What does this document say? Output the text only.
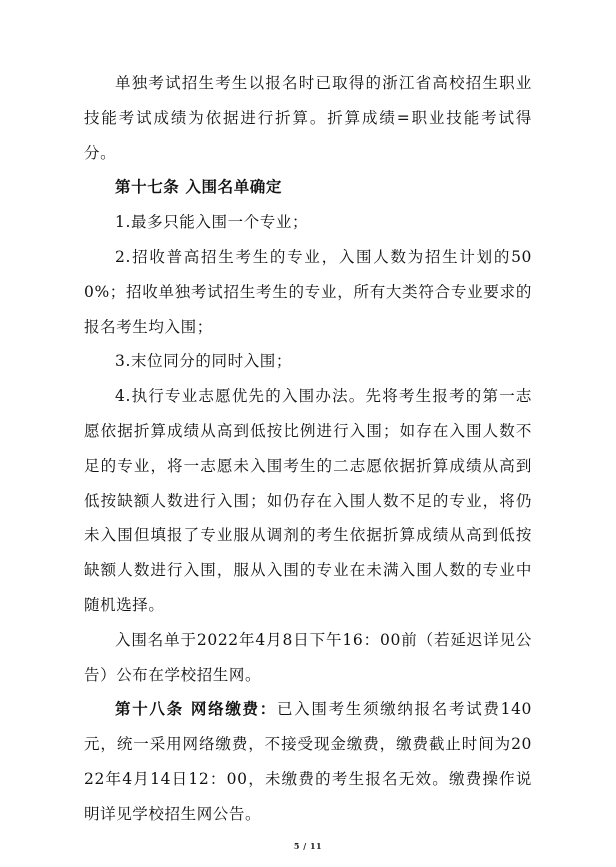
单独考试招生考生以报名时已取得的浙江省高校招生职业技能考试成绩为依据进行折算。折算成绩=职业技能考试得分。

第十七条 入围名单确定

1.最多只能入围一个专业；

2.招收普高招生考生的专业，入围人数为招生计划的500%；招收单独考试招生考生的专业，所有大类符合专业要求的报名考生均入围；

3.末位同分的同时入围；

4.执行专业志愿优先的入围办法。先将考生报考的第一志愿依据折算成绩从高到低按比例进行入围；如存在入围人数不足的专业，将一志愿未入围考生的二志愿依据折算成绩从高到低按缺额人数进行入围；如仍存在入围人数不足的专业，将仍未入围但填报了专业服从调剂的考生依据折算成绩从高到低按缺额人数进行入围，服从入围的专业在未满入围人数的专业中随机选择。

入围名单于2022年4月8日下午16：00前（若延迟详见公告）公布在学校招生网。

第十八条 网络缴费：已入围考生须缴纳报名考试费140元，统一采用网络缴费，不接受现金缴费，缴费截止时间为2022年4月14日12：00，未缴费的考生报名无效。缴费操作说明详见学校招生网公告。

5 / 11
